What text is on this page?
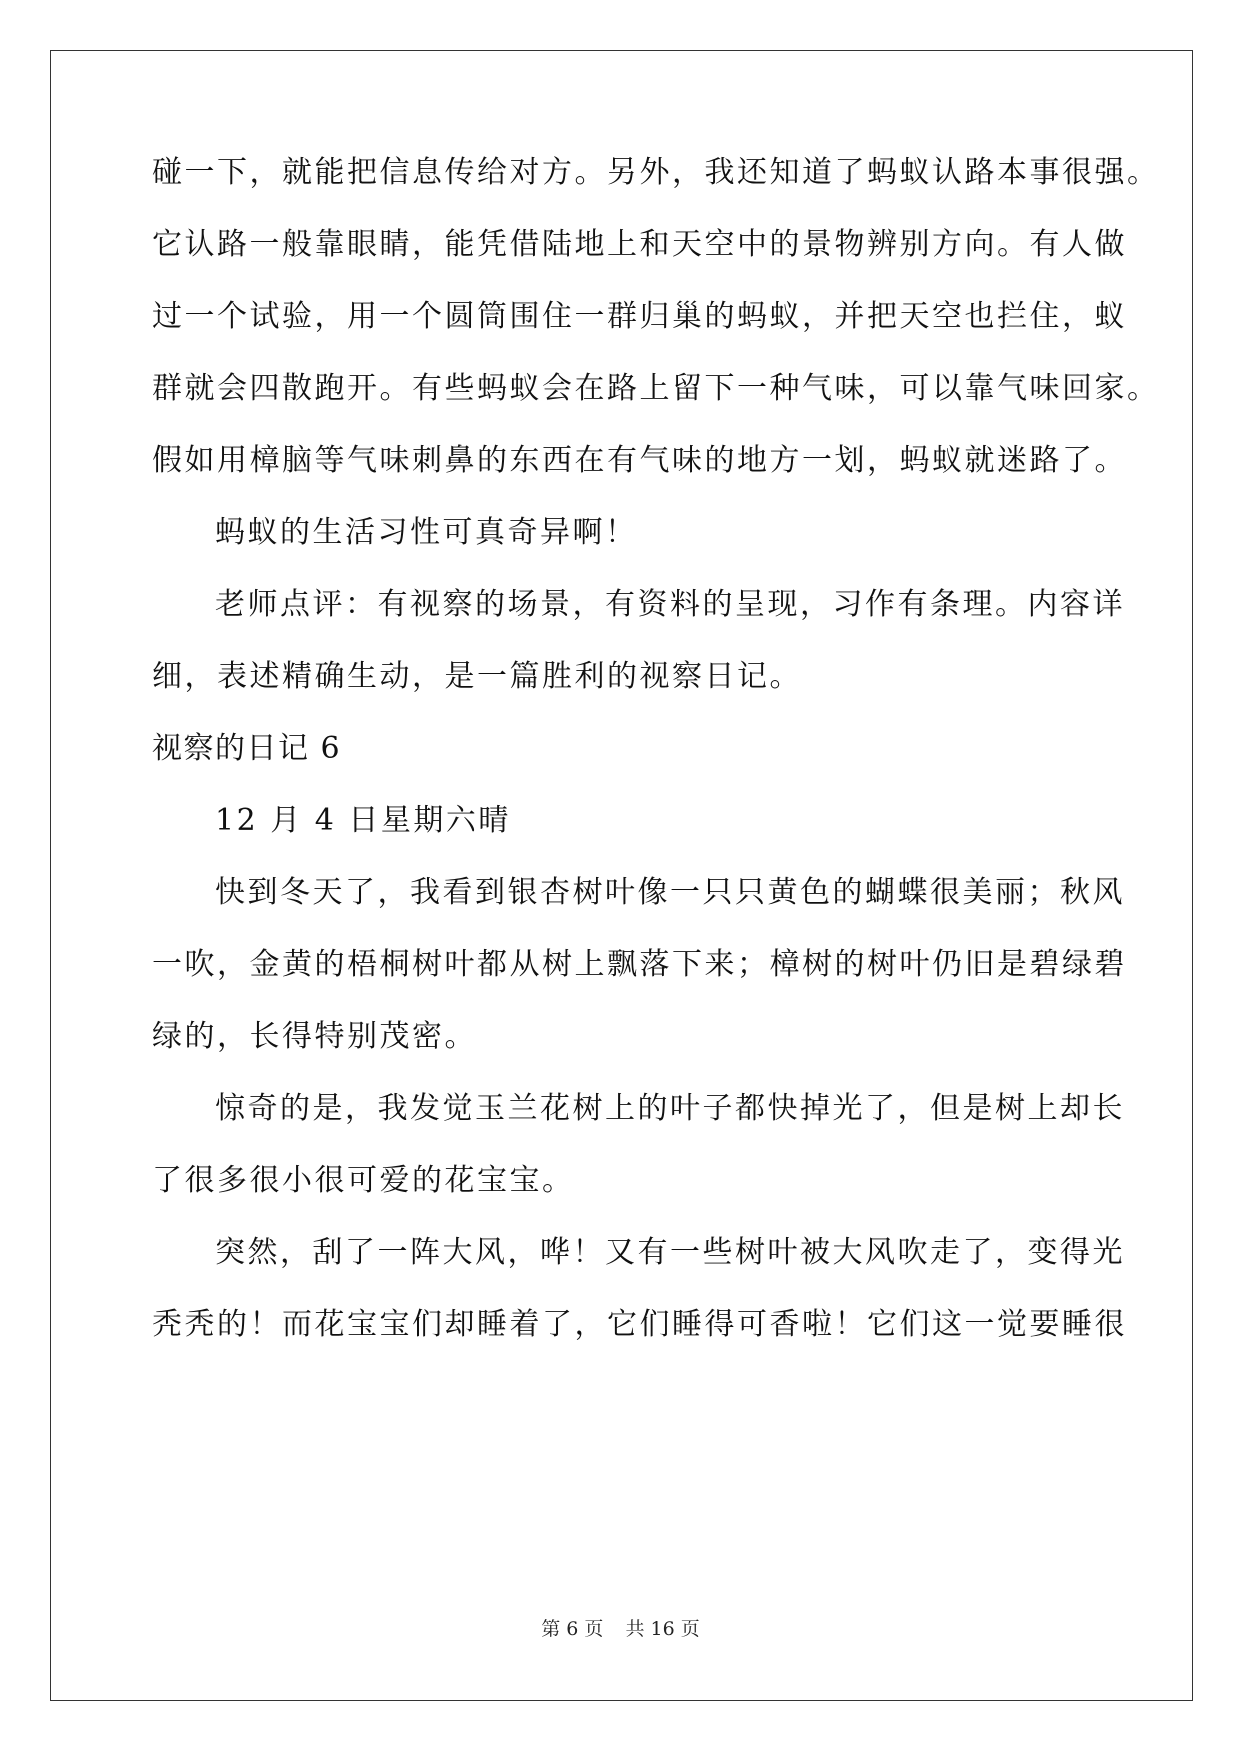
碰一下，就能把信息传给对方。另外，我还知道了蚂蚁认路本事很强。
它认路一般靠眼睛，能凭借陆地上和天空中的景物辨别方向。有人做
过一个试验，用一个圆筒围住一群归巢的蚂蚁，并把天空也拦住，蚁
群就会四散跑开。有些蚂蚁会在路上留下一种气味，可以靠气味回家。
假如用樟脑等气味刺鼻的东西在有气味的地方一划，蚂蚁就迷路了。
蚂蚁的生活习性可真奇异啊！
老师点评：有视察的场景，有资料的呈现，习作有条理。内容详
细，表述精确生动，是一篇胜利的视察日记。
视察的日记 6
12 月 4 日星期六晴
快到冬天了，我看到银杏树叶像一只只黄色的蝴蝶很美丽；秋风
一吹，金黄的梧桐树叶都从树上飘落下来；樟树的树叶仍旧是碧绿碧
绿的，长得特别茂密。
惊奇的是，我发觉玉兰花树上的叶子都快掉光了，但是树上却长
了很多很小很可爱的花宝宝。
突然，刮了一阵大风，哗！又有一些树叶被大风吹走了，变得光
秃秃的！而花宝宝们却睡着了，它们睡得可香啦！它们这一觉要睡很
第 6 页 共 16 页
